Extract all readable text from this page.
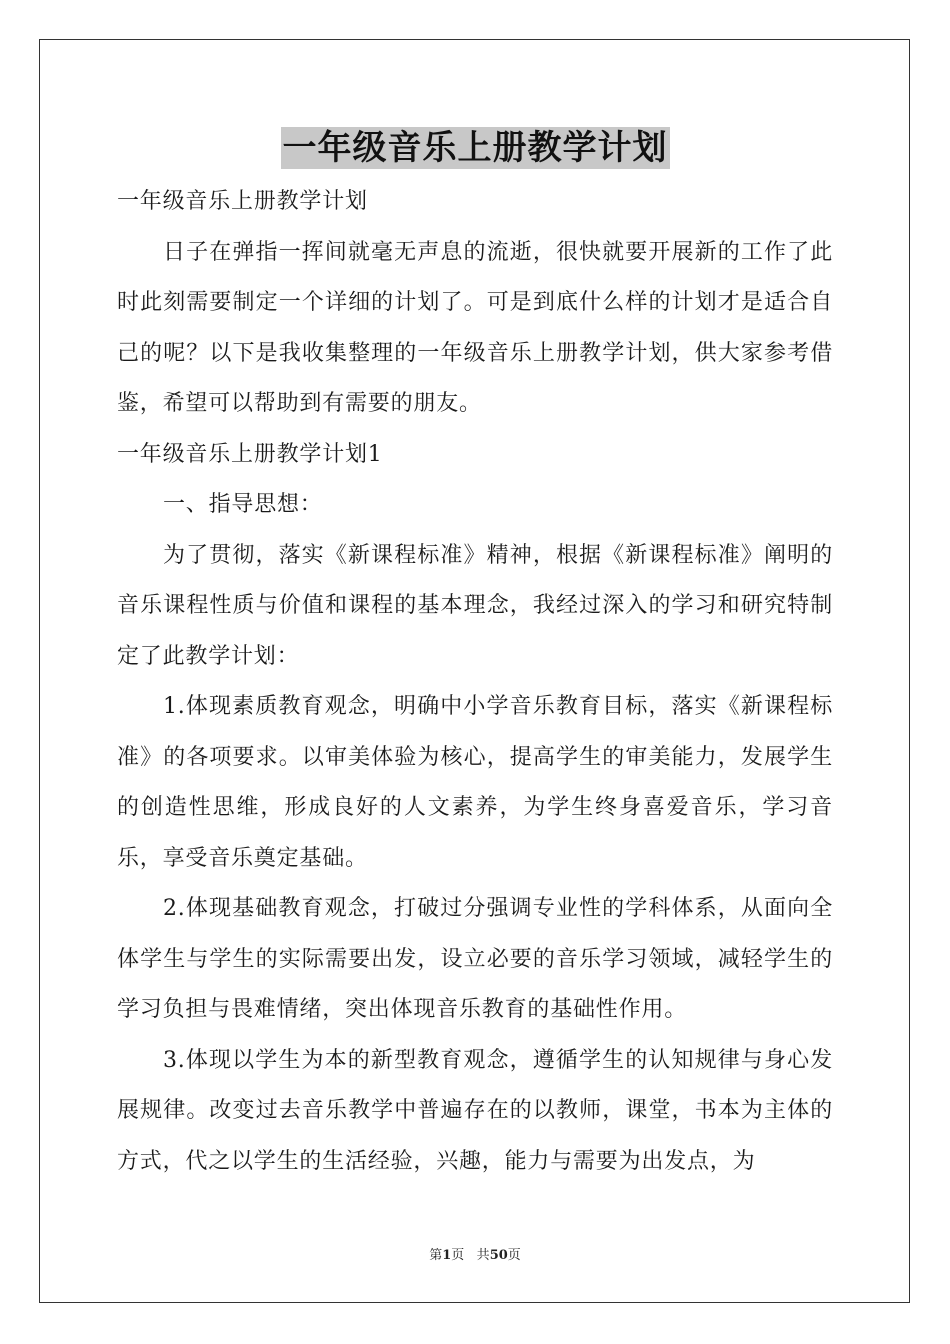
一年级音乐上册教学计划

一年级音乐上册教学计划

日子在弹指一挥间就毫无声息的流逝，很快就要开展新的工作了此时此刻需要制定一个详细的计划了。可是到底什么样的计划才是适合自己的呢？以下是我收集整理的一年级音乐上册教学计划，供大家参考借鉴，希望可以帮助到有需要的朋友。

一年级音乐上册教学计划1

一、指导思想：

为了贯彻，落实《新课程标准》精神，根据《新课程标准》阐明的音乐课程性质与价值和课程的基本理念，我经过深入的学习和研究特制定了此教学计划：

1.体现素质教育观念，明确中小学音乐教育目标，落实《新课程标准》的各项要求。以审美体验为核心，提高学生的审美能力，发展学生的创造性思维，形成良好的人文素养，为学生终身喜爱音乐，学习音乐，享受音乐奠定基础。

2.体现基础教育观念，打破过分强调专业性的学科体系，从面向全体学生与学生的实际需要出发，设立必要的音乐学习领域，减轻学生的学习负担与畏难情绪，突出体现音乐教育的基础性作用。

3.体现以学生为本的新型教育观念，遵循学生的认知规律与身心发展规律。改变过去音乐教学中普遍存在的以教师，课堂，书本为主体的方式，代之以学生的生活经验，兴趣，能力与需要为出发点，为

第1页 共50页
